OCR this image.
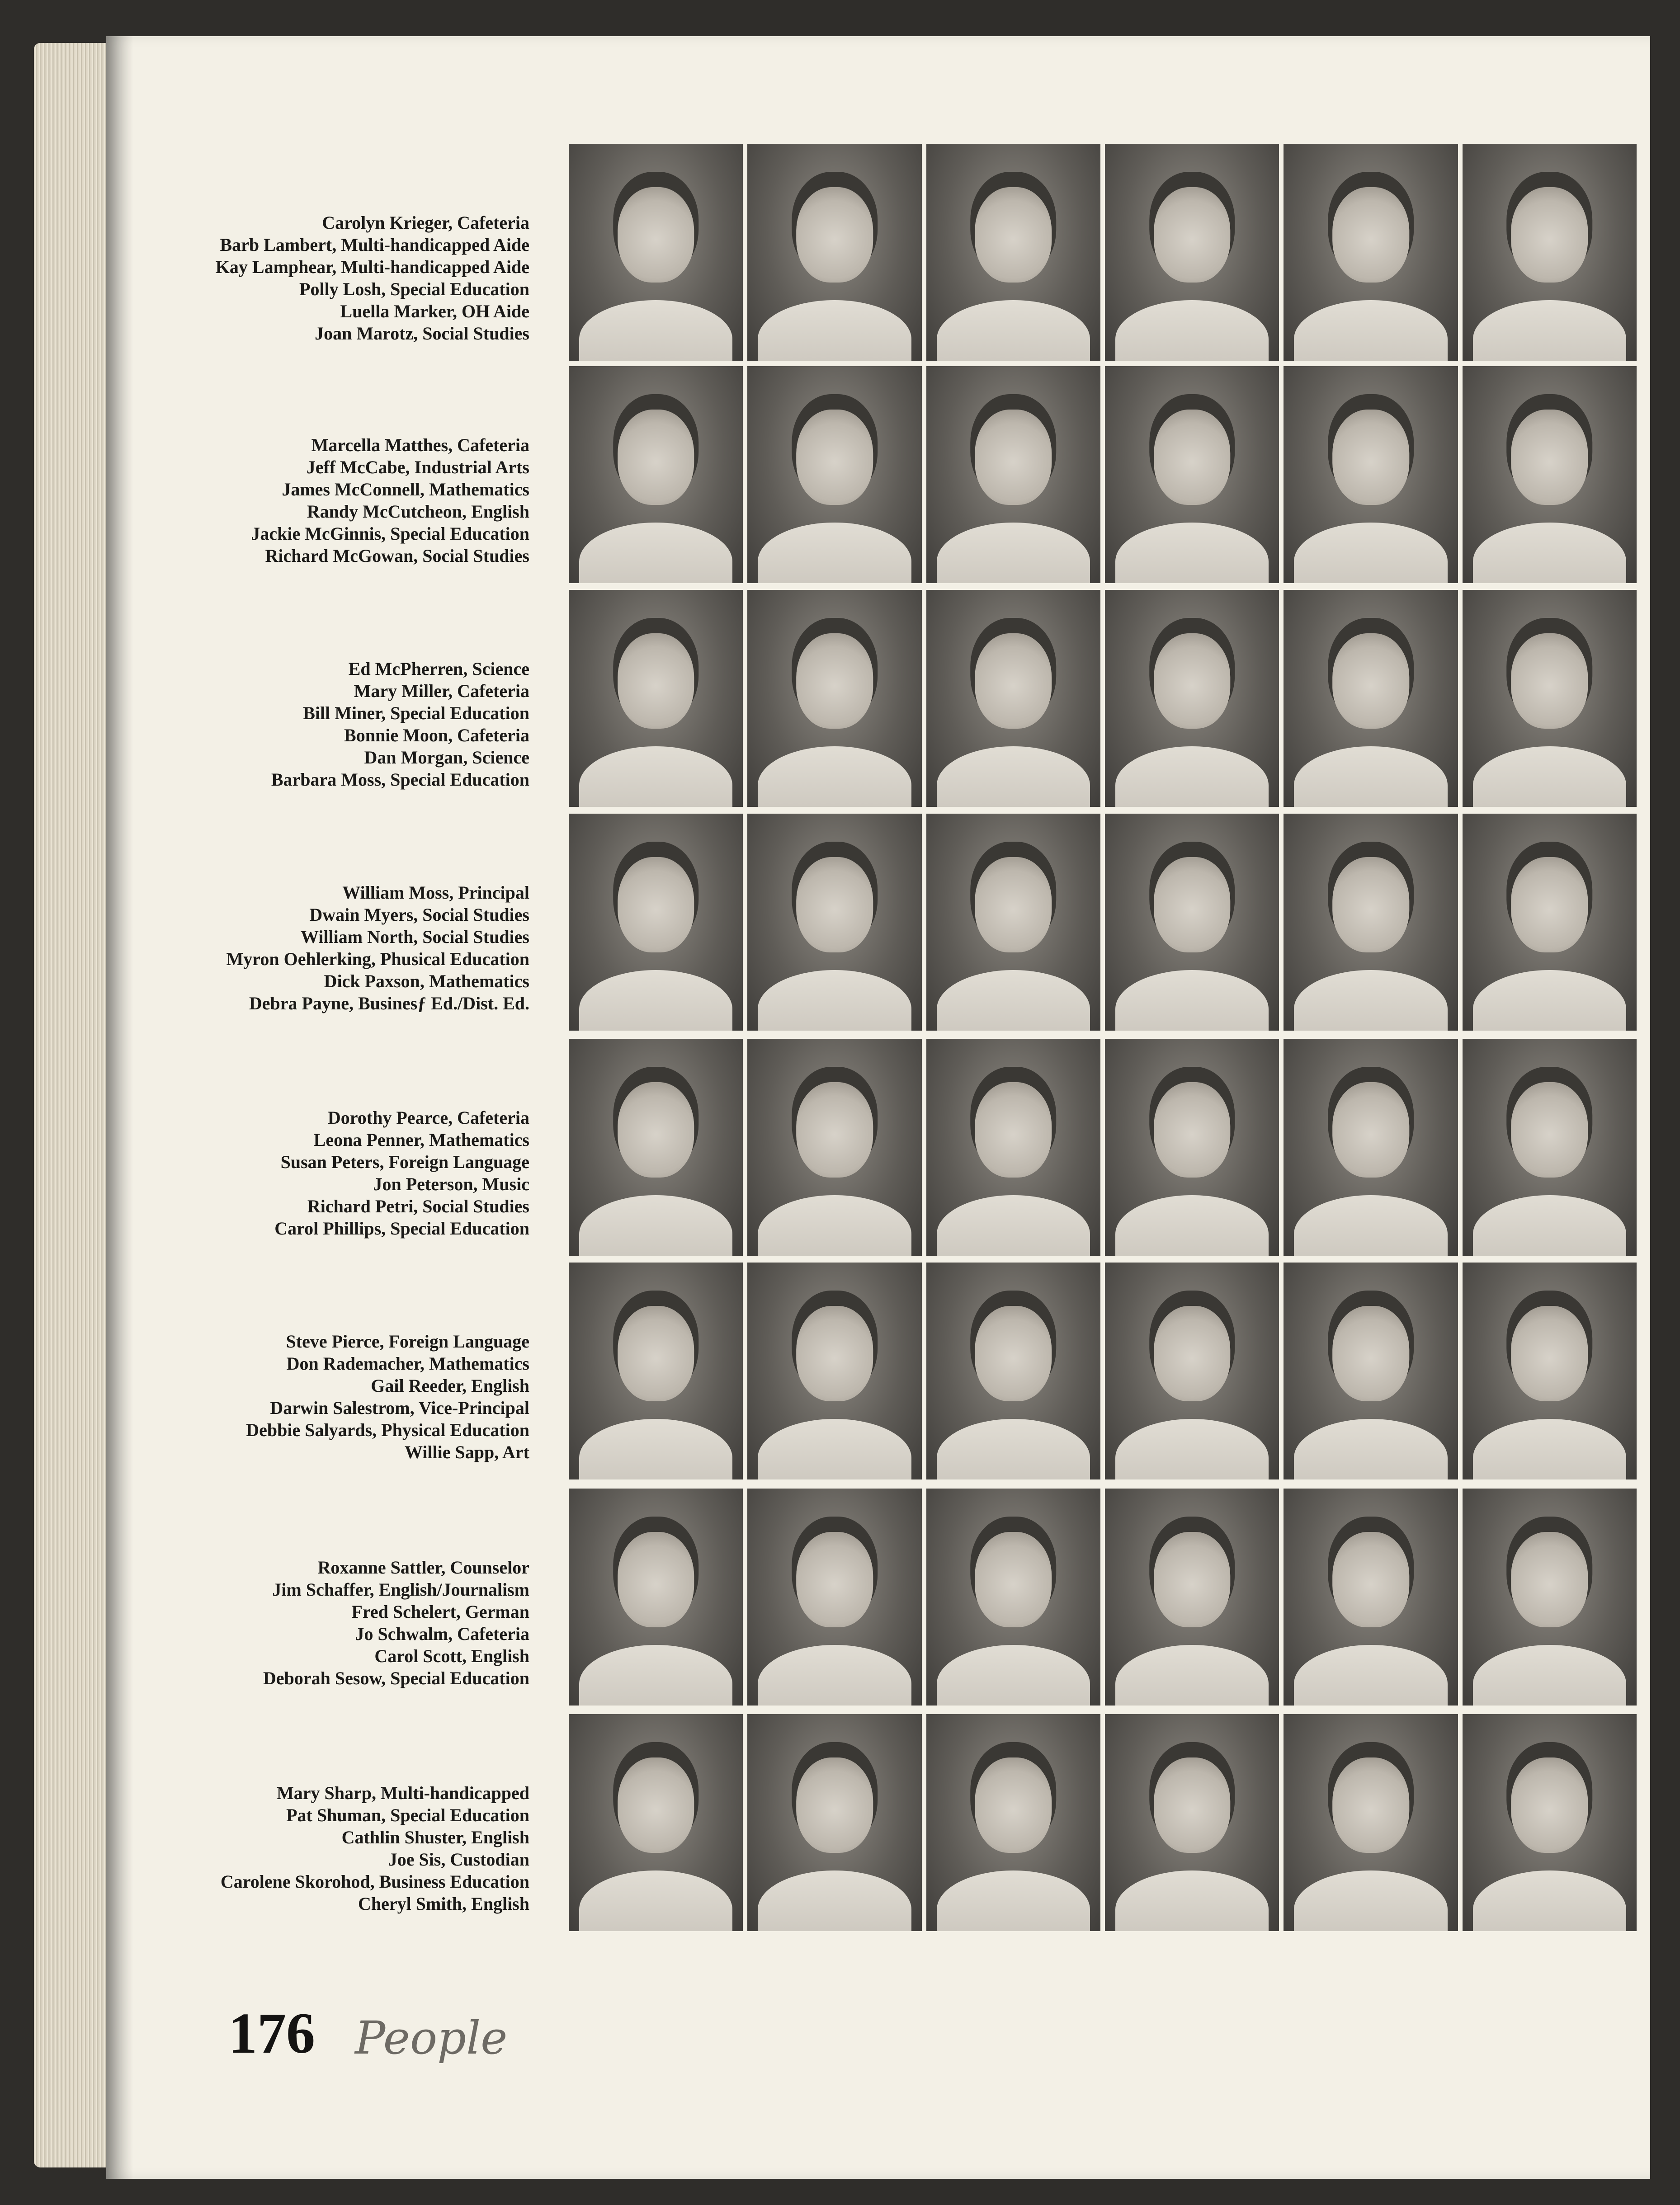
Carolyn Krieger, Cafeteria
Barb Lambert, Multi-handicapped Aide
Kay Lamphear, Multi-handicapped Aide
Polly Losh, Special Education
Luella Marker, OH Aide
Joan Marotz, Social Studies
Marcella Matthes, Cafeteria
Jeff McCabe, Industrial Arts
James McConnell, Mathematics
Randy McCutcheon, English
Jackie McGinnis, Special Education
Richard McGowan, Social Studies
Ed McPherren, Science
Mary Miller, Cafeteria
Bill Miner, Special Education
Bonnie Moon, Cafeteria
Dan Morgan, Science
Barbara Moss, Special Education
William Moss, Principal
Dwain Myers, Social Studies
William North, Social Studies
Myron Oehlerking, Phusical Education
Dick Paxson, Mathematics
Debra Payne, Businesƒ Ed./Dist. Ed.
Dorothy Pearce, Cafeteria
Leona Penner, Mathematics
Susan Peters, Foreign Language
Jon Peterson, Music
Richard Petri, Social Studies
Carol Phillips, Special Education
Steve Pierce, Foreign Language
Don Rademacher, Mathematics
Gail Reeder, English
Darwin Salestrom, Vice-Principal
Debbie Salyards, Physical Education
Willie Sapp, Art
Roxanne Sattler, Counselor
Jim Schaffer, English/Journalism
Fred Schelert, German
Jo Schwalm, Cafeteria
Carol Scott, English
Deborah Sesow, Special Education
Mary Sharp, Multi-handicapped
Pat Shuman, Special Education
Cathlin Shuster, English
Joe Sis, Custodian
Carolene Skorohod, Business Education
Cheryl Smith, English
176 People
